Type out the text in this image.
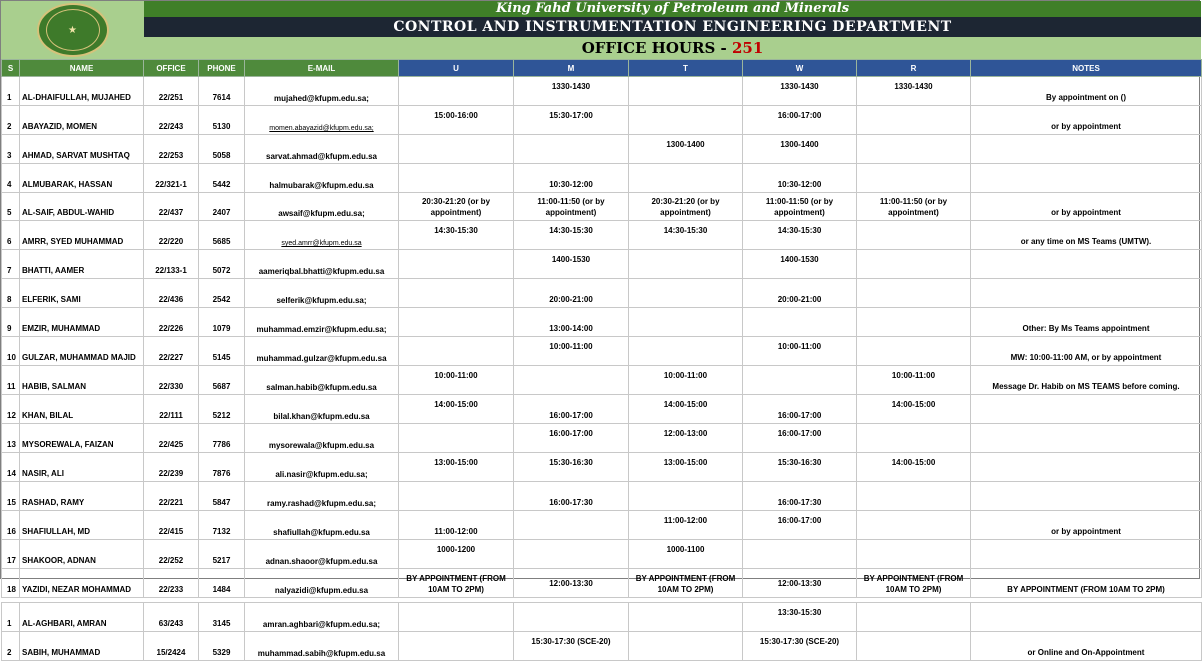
★
King Fahd University of Petroleum and Minerals
CONTROL AND INSTRUMENTATION ENGINEERING DEPARTMENT
OFFICE HOURS - 251
S	NAME	OFFICE	PHONE	E-MAIL	U	M	T	W	R	NOTES
1	AL-DHAIFULLAH, MUJAHED	22/251	7614	mujahed@kfupm.edu.sa;		1330-1430		1330-1430	1330-1430	By appointment on ()
2	ABAYAZID, MOMEN	22/243	5130	momen.abayazid@kfupm.edu.sa;	15:00-16:00	15:30-17:00		16:00-17:00		or by appointment
3	AHMAD, SARVAT MUSHTAQ	22/253	5058	sarvat.ahmad@kfupm.edu.sa			1300-1400	1300-1400		

4	ALMUBARAK, HASSAN	22/321-1	5442	halmubarak@kfupm.edu.sa		10:30-12:00		10:30-12:00		

5	AL-SAIF, ABDUL-WAHID	22/437	2407	awsaif@kfupm.edu.sa;	20:30-21:20 (or by appointment)	11:00-11:50 (or by appointment)	20:30-21:20 (or by appointment)	11:00-11:50 (or by appointment)	11:00-11:50 (or by appointment)	or by appointment
6	AMRR, SYED MUHAMMAD	22/220	5685	syed.amrr@kfupm.edu.sa	14:30-15:30	14:30-15:30	14:30-15:30	14:30-15:30		or any time on MS Teams (UMTW).
7	BHATTI, AAMER	22/133-1	5072	aameriqbal.bhatti@kfupm.edu.sa		1400-1530		1400-1530		

8	ELFERIK, SAMI	22/436	2542	selferik@kfupm.edu.sa;		20:00-21:00		20:00-21:00		

9	EMZIR, MUHAMMAD	22/226	1079	muhammad.emzir@kfupm.edu.sa;		13:00-14:00				Other: By Ms Teams appointment
10	GULZAR, MUHAMMAD MAJID	22/227	5145	muhammad.gulzar@kfupm.edu.sa		10:00-11:00		10:00-11:00		MW: 10:00-11:00 AM, or by appointment
11	HABIB, SALMAN	22/330	5687	salman.habib@kfupm.edu.sa	10:00-11:00		10:00-11:00		10:00-11:00	Message Dr. Habib on MS TEAMS before coming.
12	KHAN, BILAL	22/111	5212	bilal.khan@kfupm.edu.sa	14:00-15:00	16:00-17:00	14:00-15:00	16:00-17:00	14:00-15:00	

13	MYSOREWALA, FAIZAN	22/425	7786	mysorewala@kfupm.edu.sa		16:00-17:00	12:00-13:00	16:00-17:00		

14	NASIR, ALI	22/239	7876	ali.nasir@kfupm.edu.sa;	13:00-15:00	15:30-16:30	13:00-15:00	15:30-16:30	14:00-15:00	

15	RASHAD, RAMY	22/221	5847	ramy.rashad@kfupm.edu.sa;		16:00-17:30		16:00-17:30		

16	SHAFIULLAH, MD	22/415	7132	shafiullah@kfupm.edu.sa	11:00-12:00		11:00-12:00	16:00-17:00		or by appointment
17	SHAKOOR, ADNAN	22/252	5217	adnan.shaoor@kfupm.edu.sa	1000-1200		1000-1100			

18	YAZIDI, NEZAR MOHAMMAD	22/233	1484	nalyazidi@kfupm.edu.sa	BY APPOINTMENT (FROM 10AM TO 2PM)	12:00-13:30	BY APPOINTMENT (FROM 10AM TO 2PM)	12:00-13:30	BY APPOINTMENT (FROM 10AM TO 2PM)	BY APPOINTMENT (FROM 10AM TO 2PM)

1	AL-AGHBARI, AMRAN	63/243	3145	amran.aghbari@kfupm.edu.sa;				13:30-15:30		

2	SABIH, MUHAMMAD	15/2424	5329	muhammad.sabih@kfupm.edu.sa		15:30-17:30 (SCE-20)		15:30-17:30 (SCE-20)		or Online and On-Appointment
